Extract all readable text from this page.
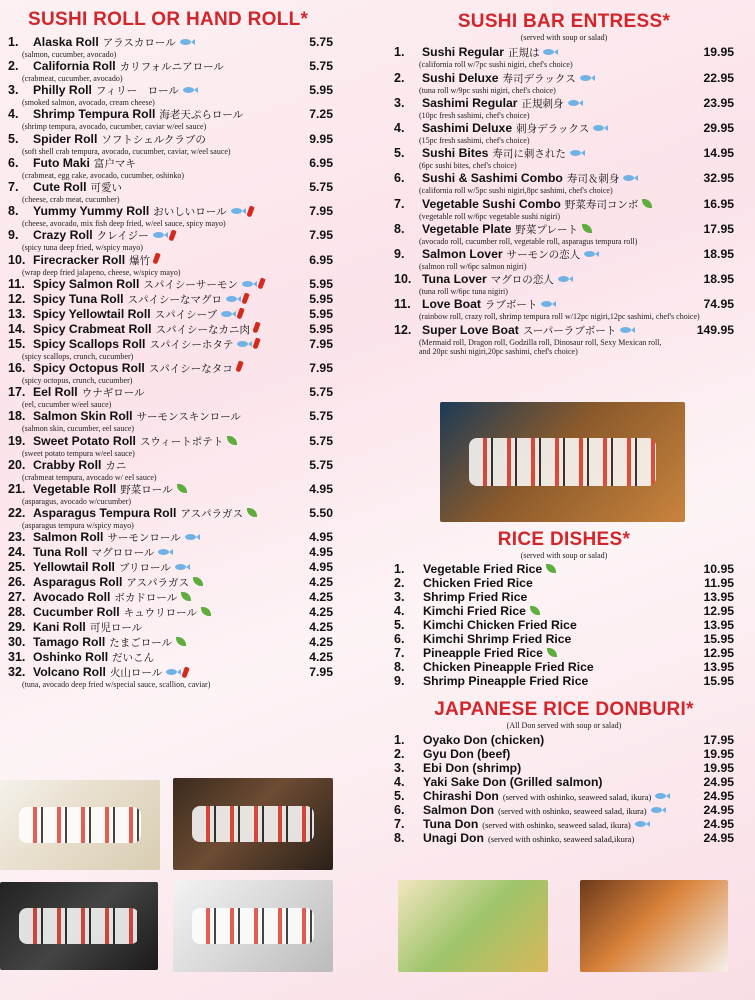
SUSHI ROLL OR HAND ROLL*
1.	Alaska Roll アラスカロール	5.75
(salmon, cucumber, avocado)
2.	California Roll カリフォルニアロール	5.75
(crabmeat, cucumber, avocado)
3.	Philly Roll フィリー　ロール	5.95
(smoked salmon, avocado, cream cheese)
4.	Shrimp Tempura Roll 海老天ぷらロール	7.25
(shrimp tempura, avocado, cucumber, caviar w/eel sauce)
5.	Spider Roll ソフトシェルクラブの	9.95
(soft shell crab tempura, avocado, cucumber, caviar, w/eel sauce)
6.	Futo Maki 富户マキ	6.95
(crabmeat, egg cake, avocado, cucumber, oshinko)
7.	Cute Roll 可愛い	5.75
(cheese, crab meat, cucumber)
8.	Yummy Yummy Roll おいしいロール	7.95
(cheese, avocado, mix fish deep fried, w/eel sauce, spicy mayo)
9.	Crazy Roll クレイジー	7.95
(spicy tuna deep fried, w/spicy mayo)
10. Firecracker Roll 爆竹	6.95
(wrap deep fried jalapeno, cheese, w/spicy mayo)
11. Spicy Salmon Roll スパイシーサーモン	5.95
12. Spicy Tuna Roll スパイシーなマグロ	5.95
13. Spicy Yellowtail Roll スパイシーブ	5.95
14. Spicy Crabmeat Roll スパイシーなカニ肉	5.95
15. Spicy Scallops Roll スパイシーホタテ	7.95
(spicy scallops, crunch, cucumber)
16. Spicy Octopus Roll スパイシーなタコ	7.95
(spicy octopus, crunch, cucumber)
17. Eel Roll ウナギロール	5.75
(eel, cucumber w/eel sauce)
18. Salmon Skin Roll サーモンスキンロール	5.75
(salmon skin, cucumber, eel sauce)
19. Sweet Potato Roll スウィートポテト	5.75
(sweet potato tempura w/eel sauce)
20. Crabby Roll カニ	5.75
(crabmeat tempura, avocado w/ eel sauce)
21. Vegetable Roll 野菜ロール	4.95
(asparagus, avocado w/cucumber)
22. Asparagus Tempura Roll アスパラガス	5.50
(asparagus tempura w/spicy mayo)
23. Salmon Roll サーモンロール	4.95
24. Tuna Roll マグロロール	4.95
25. Yellowtail Roll ブリロール	4.95
26. Asparagus Roll アスパラガス	4.25
27. Avocado Roll ボカドロール	4.25
28. Cucumber Roll キュウリロール	4.25
29. Kani Roll 可児ロール	4.25
30. Tamago Roll たまごロール	4.25
31. Oshinko Roll だいこん	4.25
32. Volcano Roll 火山ロール	7.95
(tuna, avocado deep fried w/special sauce, scallion, caviar)
SUSHI BAR ENTRESS*
(served with soup or salad)
1.	Sushi Regular 正規は	19.95
(california roll w/7pc sushi nigiri, chef's choice)
2.	Sushi Deluxe 寿司デラックス	22.95
(tuna roll w/9pc sushi nigiri, chef's choice)
3.	Sashimi Regular 正規刺身	23.95
(10pc fresh sashimi, chef's choice)
4.	Sashimi Deluxe 刺身デラックス	29.95
(15pc fresh sashimi, chef's choice)
5.	Sushi Bites 寿司に刺された	14.95
(6pc sushi bites, chef's choice)
6.	Sushi & Sashimi Combo 寿司＆刺身	32.95
(california roll w/5pc sushi nigiri,8pc sashimi, chef's choice)
7.	Vegetable Sushi Combo 野菜寿司コンボ	16.95
(vegetable roll w/6pc vegetable sushi nigiri)
8.	Vegetable Plate 野菜プレート	17.95
(avocado roll, cucumber roll, vegetable roll, asparagus tempura roll)
9.	Salmon Lover サーモンの恋人	18.95
(salmon roll w/6pc salmon nigiri)
10. Tuna Lover マグロの恋人	18.95
(tuna roll w/6pc tuna nigiri)
11. Love Boat ラブボート	74.95
(rainbow roll, crazy roll, shrimp tempura roll w/12pc nigiri,12pc sashimi, chef's choice)
12. Super Love Boat スーパーラブボート	149.95
(Mermaid roll, Dragon roll, Godzilla roll, Dinosaur roll, Sexy Mexican roll,
and 20pc sushi nigiri,20pc sashimi, chef's choice)
RICE DISHES*
(served with soup or salad)
1.	Vegetable Fried Rice	10.95
2.	Chicken Fried Rice	11.95
3.	Shrimp Fried Rice	13.95
4.	Kimchi Fried Rice	12.95
5.	Kimchi Chicken Fried Rice	13.95
6.	Kimchi Shrimp Fried Rice	15.95
7.	Pineapple Fried Rice	12.95
8.	Chicken Pineapple Fried Rice	13.95
9.	Shrimp Pineapple Fried Rice	15.95
JAPANESE RICE DONBURI*
(All Don served with soup or salad)
1.	Oyako Don (chicken)	17.95
2.	Gyu Don (beef)	19.95
3.	Ebi Don (shrimp)	19.95
4.	Yaki Sake Don (Grilled salmon)	24.95
5.	Chirashi Don (served with oshinko, seaweed salad, ikura)	24.95
6.	Salmon Don (served with oshinko, seaweed salad, ikura)	24.95
7.	Tuna Don (served with oshinko, seaweed salad, ikura)	24.95
8.	Unagi Don (served with oshinko, seaweed salad,ikura)	24.95
